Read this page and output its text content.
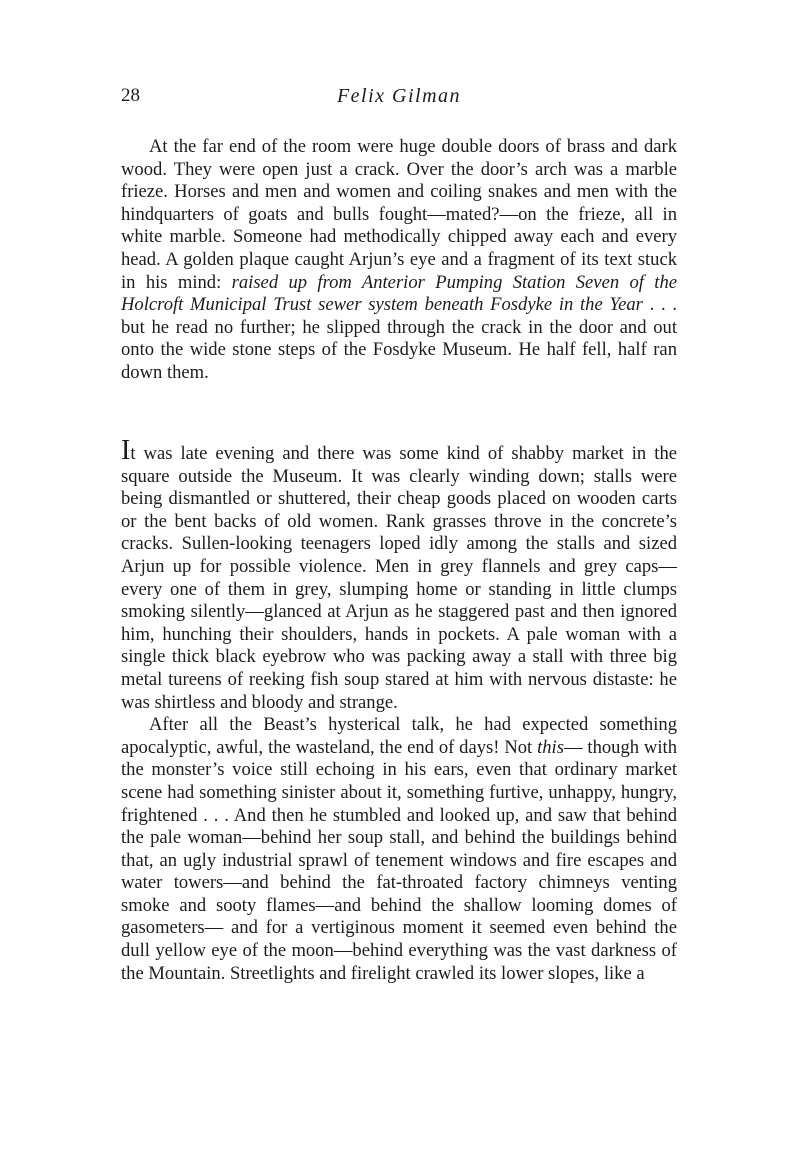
28	Felix Gilman

At the far end of the room were huge double doors of brass and dark wood. They were open just a crack. Over the door’s arch was a marble frieze. Horses and men and women and coiling snakes and men with the hindquarters of goats and bulls fought—mated?—on the frieze, all in white marble. Someone had methodically chipped away each and every head. A golden plaque caught Arjun’s eye and a fragment of its text stuck in his mind: raised up from Anterior Pumping Station Seven of the Holcroft Municipal Trust sewer system beneath Fosdyke in the Year . . . but he read no further; he slipped through the crack in the door and out onto the wide stone steps of the Fosdyke Museum. He half fell, half ran down them.

It was late evening and there was some kind of shabby market in the square outside the Museum. It was clearly winding down; stalls were being dismantled or shuttered, their cheap goods placed on wooden carts or the bent backs of old women. Rank grasses throve in the concrete’s cracks. Sullen-looking teenagers loped idly among the stalls and sized Arjun up for possible violence. Men in grey flannels and grey caps—every one of them in grey, slumping home or standing in little clumps smoking silently—glanced at Arjun as he staggered past and then ignored him, hunching their shoulders, hands in pockets. A pale woman with a single thick black eyebrow who was packing away a stall with three big metal tureens of reeking fish soup stared at him with nervous distaste: he was shirtless and bloody and strange.

After all the Beast’s hysterical talk, he had expected something apocalyptic, awful, the wasteland, the end of days! Not this— though with the monster’s voice still echoing in his ears, even that ordinary market scene had something sinister about it, something furtive, unhappy, hungry, frightened . . . And then he stumbled and looked up, and saw that behind the pale woman—behind her soup stall, and behind the buildings behind that, an ugly industrial sprawl of tenement windows and fire escapes and water towers—and behind the fat-throated factory chimneys venting smoke and sooty flames—and behind the shallow looming domes of gasometers— and for a vertiginous moment it seemed even behind the dull yellow eye of the moon—behind everything was the vast darkness of the Mountain. Streetlights and firelight crawled its lower slopes, like a
